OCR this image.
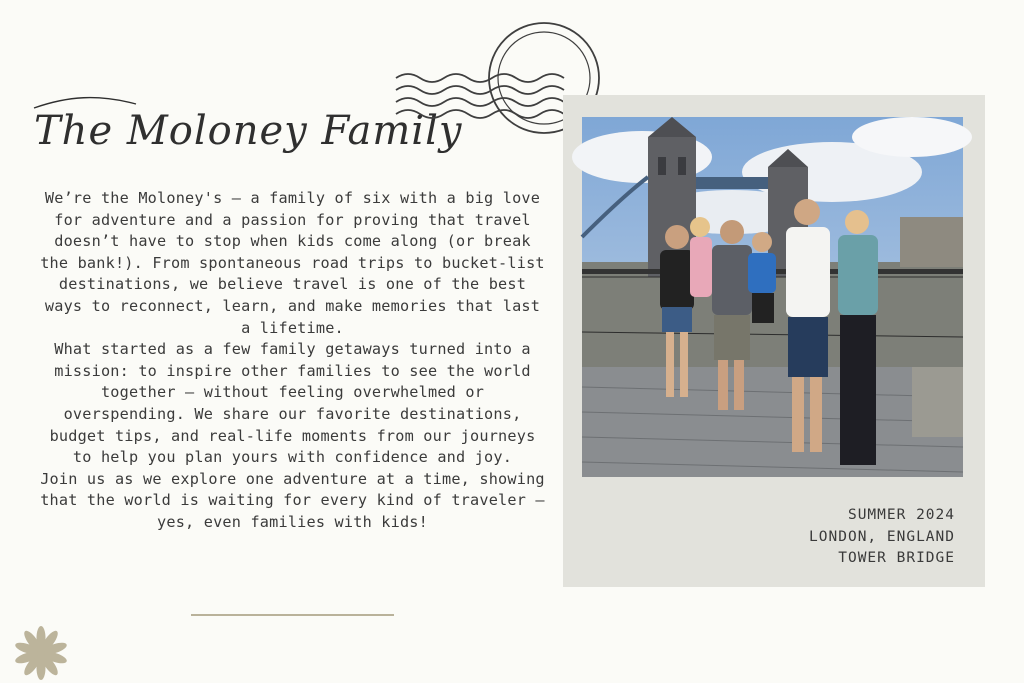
The Moloney Family

We’re the Moloney's — a family of six with a big love for adventure and a passion for proving that travel doesn’t have to stop when kids come along (or break the bank!). From spontaneous road trips to bucket-list destinations, we believe travel is one of the best ways to reconnect, learn, and make memories that last a lifetime.

What started as a few family getaways turned into a mission: to inspire other families to see the world together — without feeling overwhelmed or overspending. We share our favorite destinations, budget tips, and real-life moments from our journeys to help you plan yours with confidence and joy.

Join us as we explore one adventure at a time, showing that the world is waiting for every kind of traveler — yes, even families with kids!	SUMMER 2024
LONDON, ENGLAND
TOWER BRIDGE
